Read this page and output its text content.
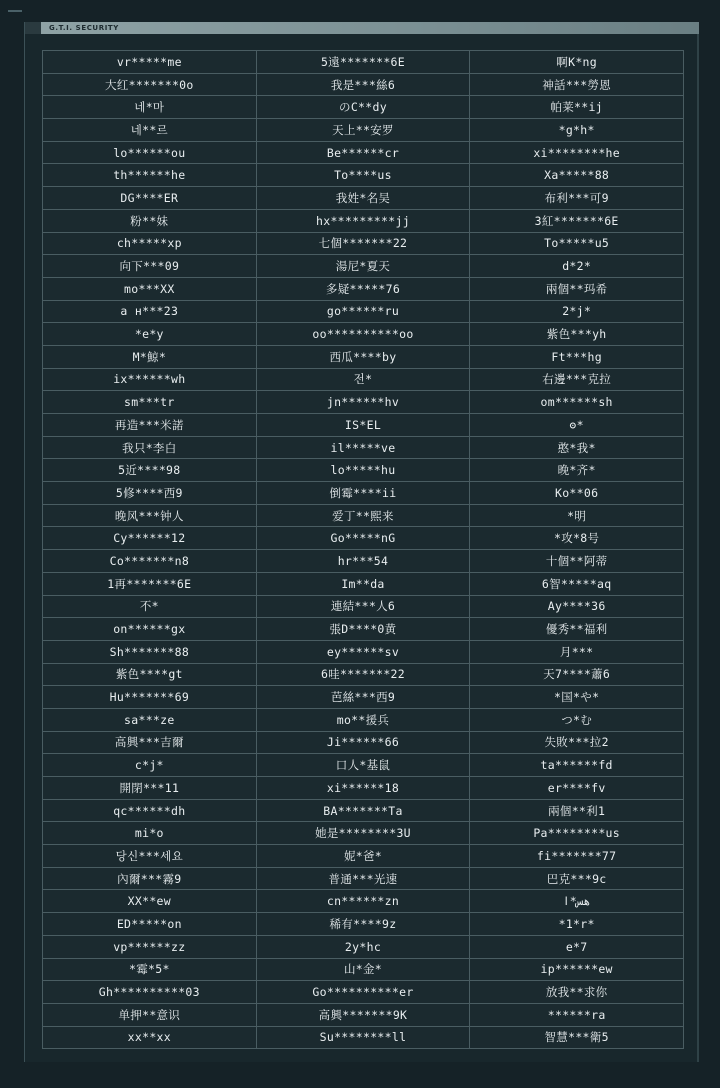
G.T.I. SECURITY
vr*****me	5遠*******6E	啊K*ng
大红*******0o	我是***絲6	神話***勞恩
네*마	のC**dy	帕莱**ij
네**르	天上**安罗	*g*h*
lo******ou	Be******cr	xi********he
th******he	To****us	Xa*****88
DG****ER	我姓*名吴	布利***可9
粉**妹	hx*********jj	3紅*******6E
ch*****xp	七個*******22	To*****u5
向下***09	湯尼*夏天	d*2*
mo***XX	多疑*****76	兩個**玛希
а н***23	go******ru	2*j*
*e*y	oo**********oo	紫色***yh
M*鯨*	西瓜****by	Ft***hg
ix******wh	전*	右邊***克拉
sm***tr	jn******hv	om******sh
再造***米諾	IS*EL	ʘ*
我只*李白	il*****ve	憨*我*
5近****98	lo*****hu	晚*齐*
5修****西9	倒霉****ii	Ko**06
晚风***钟人	爱丁**熙来	*明
Cy******12	Go*****nG	*攻*8号
Co*******n8	hr***54	十個**阿蒂
1再*******6E	Im**da	6智*****aq
不*	連結***人6	Ay****36
on******gx	張D****0黄	優秀**福利
Sh*******88	ey******sv	月***
紫色****gt	6哇*******22	天7****蕭6
Hu*******69	芭絲***西9	*国*や*
sa***ze	mo**援兵	つ*む
高興***吉爾	Ji******66	失敗***拉2
c*j*	口人*基鼠	ta******fd
開閉***11	xi******18	er****fv
qc******dh	BA*******Ta	兩個**利1
mi*o	她是********3U	Pa********us
당신***세요	妮*爸*	fi*******77
內爾***霧9	普通***光速	巴克***9c
XX**ew	cn******zn	هس*ا
ED*****on	稀有****9z	*1*r*
vp******zz	2y*hc	e*7
*霉*5*	山*金*	ip******ew
Gh**********03	Go**********er	放我**求你
单押**意识	高興*******9K	******ra
xx**xx	Su********ll	智慧***衛5
